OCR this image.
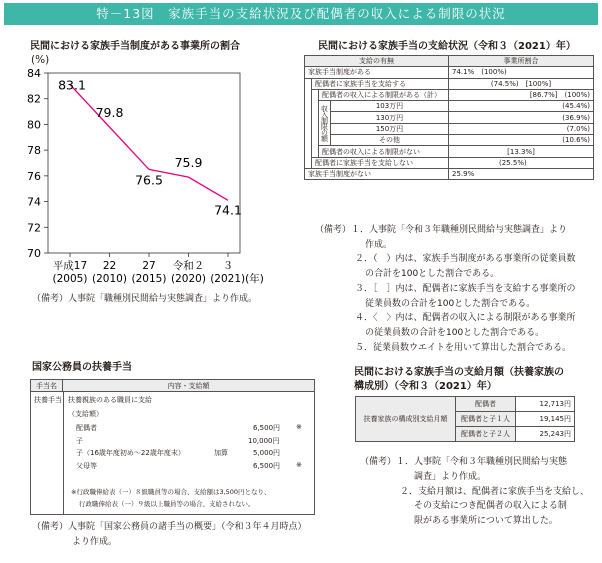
特－13図　家族手当の支給状況及び配偶者の収入による制限の状況
民間における家族手当制度がある事業所の割合
(%)
84
82
80
78
76
74
72
70
平成17
(2005)
22
(2010)
27
(2015)
令和２
(2020)
３
(2021)(年)
83.1
79.8
76.5
75.9
74.1
（備考）人事院「職種別民間給与実態調査」より作成。
民間における家族手当の支給状況（令和３（2021）年）
支給の有無				事業所割合
家族手当制度がある				74.1%　(100%)
	配偶者に家族手当を支給する			(74.5%)　[100%]
		配偶者の収入による制限がある（計）		[86.7%]　(100%)
		収入制限の額	103万円	(45.4%)
			130万円	(36.9%)
			150万円	(7.0%)
			その他	(10.6%)
		配偶者の収入による制限がない		[13.3%]
	配偶者に家族手当を支給しない			(25.5%)
家族手当制度がない				25.9%
（備考）１．人事院「令和３年職種別民間給与実態調査」より
作成。
２．（　）内は、家族手当制度がある事業所の従業員数
の合計を100とした割合である。
３．［　］内は、配偶者に家族手当を支給する事業所の
従業員数の合計を100とした割合である。
４．〈　〉内は、配偶者の収入による制限がある事業所
の従業員数の合計を100とした割合である。
５．従業員数ウエイトを用いて算出した割合である。
国家公務員の扶養手当
手当名	内容・支給額
扶養手当 扶養親族のある職員に支給
（支給額）
配偶者	6,500円 ※
子	10,000円
子（16歳年度初め～22歳年度末）	加算	5,000円
父母等	6,500円 ※
※行政職俸給表（一）８級職員等の場合、支給額は3,500円となり、
行政職俸給表（一）９級以上職員等の場合、支給されない。
（備考）人事院「国家公務員の諸手当の概要」（令和３年４月時点）
より作成。
民間における家族手当の支給月額（扶養家族の
構成別）（令和３（2021）年）
扶養家族の構成別支給月額	配偶者	12,713円
	配偶者と子１人	19,145円
	配偶者と子２人	25,243円
（備考）１．人事院「令和３年職種別民間給与実態
調査」より作成。
２．支給月額は、配偶者に家族手当を支給し、
その支給につき配偶者の収入による制
限がある事業所について算出した。
